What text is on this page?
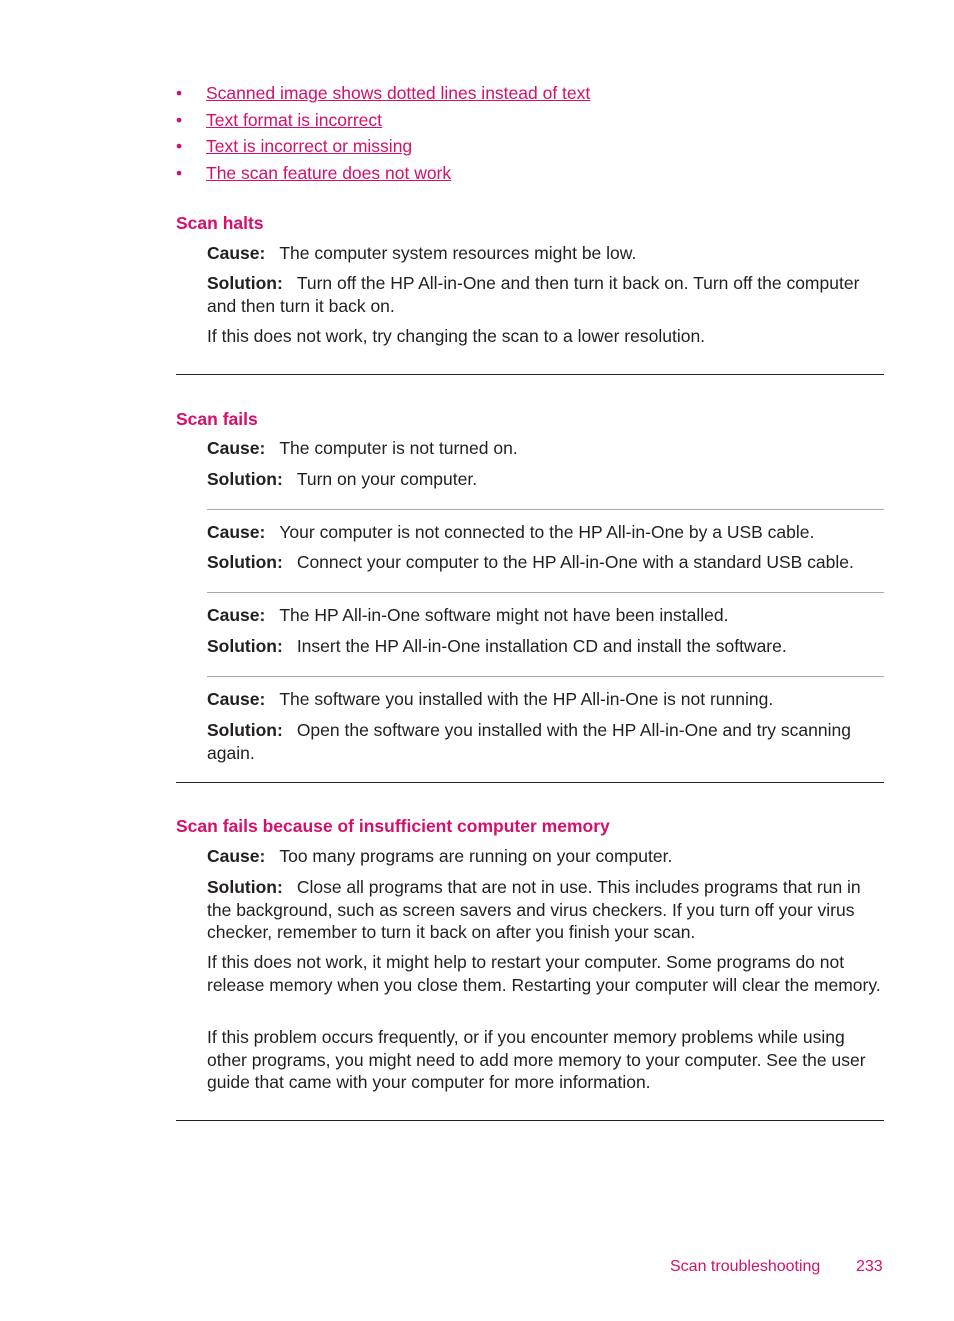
•	Scanned image shows dotted lines instead of text
•	Text format is incorrect
•	Text is incorrect or missing
•	The scan feature does not work
Scan halts

Cause: The computer system resources might be low.

Solution: Turn off the HP All-in-One and then turn it back on. Turn off the computer and then turn it back on.

If this does not work, try changing the scan to a lower resolution.

Scan fails

Cause: The computer is not turned on.

Solution: Turn on your computer.

Cause: Your computer is not connected to the HP All-in-One by a USB cable.

Solution: Connect your computer to the HP All-in-One with a standard USB cable.

Cause: The HP All-in-One software might not have been installed.

Solution: Insert the HP All-in-One installation CD and install the software.

Cause: The software you installed with the HP All-in-One is not running.

Solution: Open the software you installed with the HP All-in-One and try scanning again.

Scan fails because of insufficient computer memory

Cause: Too many programs are running on your computer.

Solution: Close all programs that are not in use. This includes programs that run in the background, such as screen savers and virus checkers. If you turn off your virus checker, remember to turn it back on after you finish your scan.

If this does not work, it might help to restart your computer. Some programs do not release memory when you close them. Restarting your computer will clear the memory.

If this problem occurs frequently, or if you encounter memory problems while using other programs, you might need to add more memory to your computer. See the user guide that came with your computer for more information.

Scan troubleshooting 233
